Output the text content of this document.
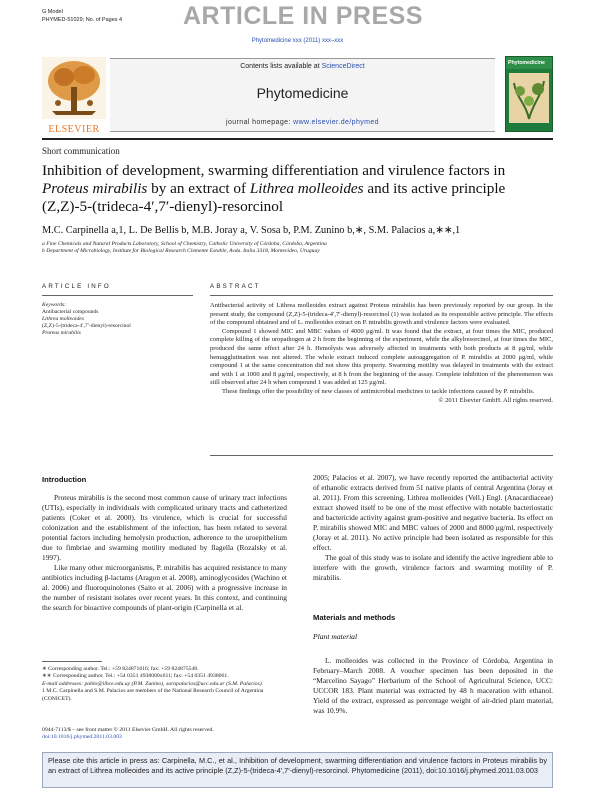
G Model
PHYMED-51029; No. of Pages 4 ARTICLE IN PRESS
Phytomedicine xxx (2011) xxx–xxx
Contents lists available at ScienceDirect
Phytomedicine
journal homepage: www.elsevier.de/phymed
ELSEVIER
Phytomedicine
Short communication
Inhibition of development, swarming differentiation and virulence factors in
Proteus mirabilis by an extract of Lithrea molleoides and its active principle
(Z,Z)-5-(trideca-4′,7′-dienyl)-resorcinol
M.C. Carpinella a,1, L. De Bellis b, M.B. Joray a, V. Sosa b, P.M. Zunino b,∗, S.M. Palacios a,∗∗,1
a Fine Chemicals and Natural Products Laboratory, School of Chemistry, Catholic University of Córdoba, Córdoba, Argentina
b Department of Microbiology, Institute for Biological Research Clemente Estable, Avda. Italia 3318, Montevideo, Uruguay
ARTICLE INFO	ABSTRACT
Keywords:
Antibacterial compounds
Lithrea molleoides
(Z,Z)-5-(trideca-4′,7′-dienyl)-resorcinol
Proteus mirabilis

Antibacterial activity of Lithrea molleoides extract against Proteus mirabilis has been previously reported by our group. In the present study, the compound (Z,Z)-5-(trideca-4′,7′-dienyl)-resorcinol (1) was isolated as its responsible active principle. The effects of the compound obtained and of L. molleoides extract on P. mirabilis growth and virulence factors were evaluated.

Compound 1 showed MIC and MBC values of 4000 μg/ml. It was found that the extract, at four times the MIC, produced complete killing of the uropathogen at 2 h from the beginning of the experiment, while the alkylresorcinol, at four times the MIC, produced the same effect after 24 h. Hemolysis was adversely affected in treatments with both products at 8 μg/ml, while hemagglutination was not altered. The whole extract induced complete autoaggregation of P. mirabilis at 2000 μg/ml, while compound 1 at the same concentration did not show this property. Swarming motility was delayed in treatments with the extract and with 1 at 1000 and 8 μg/ml, respectively, at 8 h from the beginning of the assay. Complete inhibition of the phenomenon was still observed after 24 h when compound 1 was added at 125 μg/ml.

These findings offer the possibility of new classes of antimicrobial medicines to tackle infections caused by P. mirabilis.

© 2011 Elsevier GmbH. All rights reserved.

Introduction

Proteus mirabilis is the second most common cause of urinary tract infections (UTIs), especially in individuals with complicated urinary tracts and catheterized patients (Coker et al. 2000). Its virulence, which is crucial for successful colonization and the establishment of the infection, has been related to several potential factors including hemolysin production, adherence to the uroepithelium due to fimbriae and swarming motility mediated by flagella (Rozalsky et al. 1997).

Like many other microorganisms, P. mirabilis has acquired resistance to many antibiotics including β-lactams (Aragon et al. 2008), aminoglycosides (Wachino et al. 2006) and fluoroquinolones (Saito et al. 2006) with a progressive increase in the number of resistant isolates over recent years. In this context, and continuing the search for bioactive compounds of plant-origin (Carpinella et al.

2005; Palacios et al. 2007), we have recently reported the antibacterial activity of ethanolic extracts derived from 51 native plants of central Argentina (Joray et al. 2011). From this screening, Lithrea molleoides (Vell.) Engl. (Anacardiaceae) extract showed itself to be one of the most effective with notable bacteriostatic and bactericide activity against gram-positive and negative bacteria. Its effect on P. mirabilis showed MIC and MBC values of 2000 and 8000 μg/ml, respectively (Joray et al. 2011). No active principle had been isolated as responsible for this effect.

The goal of this study was to isolate and identify the active ingredient able to interfere with the growth, virulence factors and swarming motility of P. mirabilis.

Materials and methods
Plant material

L. molleoides was collected in the Province of Córdoba, Argentina in February–March 2008. A voucher specimen has been deposited in the “Marcelino Sayago” Herbarium of the School of Agricultural Science, UCC: UCCOR 183. Plant material was extracted by 48 h maceration with ethanol. Yield of the extract, expressed as percentage weight of air-dried plant material, was 10.9%.

∗ Corresponding author. Tel.: +59 824871616; fax: +59 824875548.
∗∗ Corresponding author. Tel.: +54 0351 4938000x611; fax: +54 0351 4938061.
E-mail addresses: pablo@iibce.edu.uy (P.M. Zunino), sarapalacios@ucc.edu.ar (S.M. Palacios).
1 M.C. Carpinella and S.M. Palacios are members of the National Research Council of Argentina (CONICET).
0944-7113/$ – see front matter © 2011 Elsevier GmbH. All rights reserved.
doi:10.1016/j.phymed.2011.03.003
Please cite this article in press as: Carpinella, M.C., et al., Inhibition of development, swarming differentiation and virulence factors in Proteus mirabilis by an extract of Lithrea molleoides and its active principle (Z,Z)-5-(trideca-4′,7′-dienyl)-resorcinol. Phytomedicine (2011), doi:10.1016/j.phymed.2011.03.003
